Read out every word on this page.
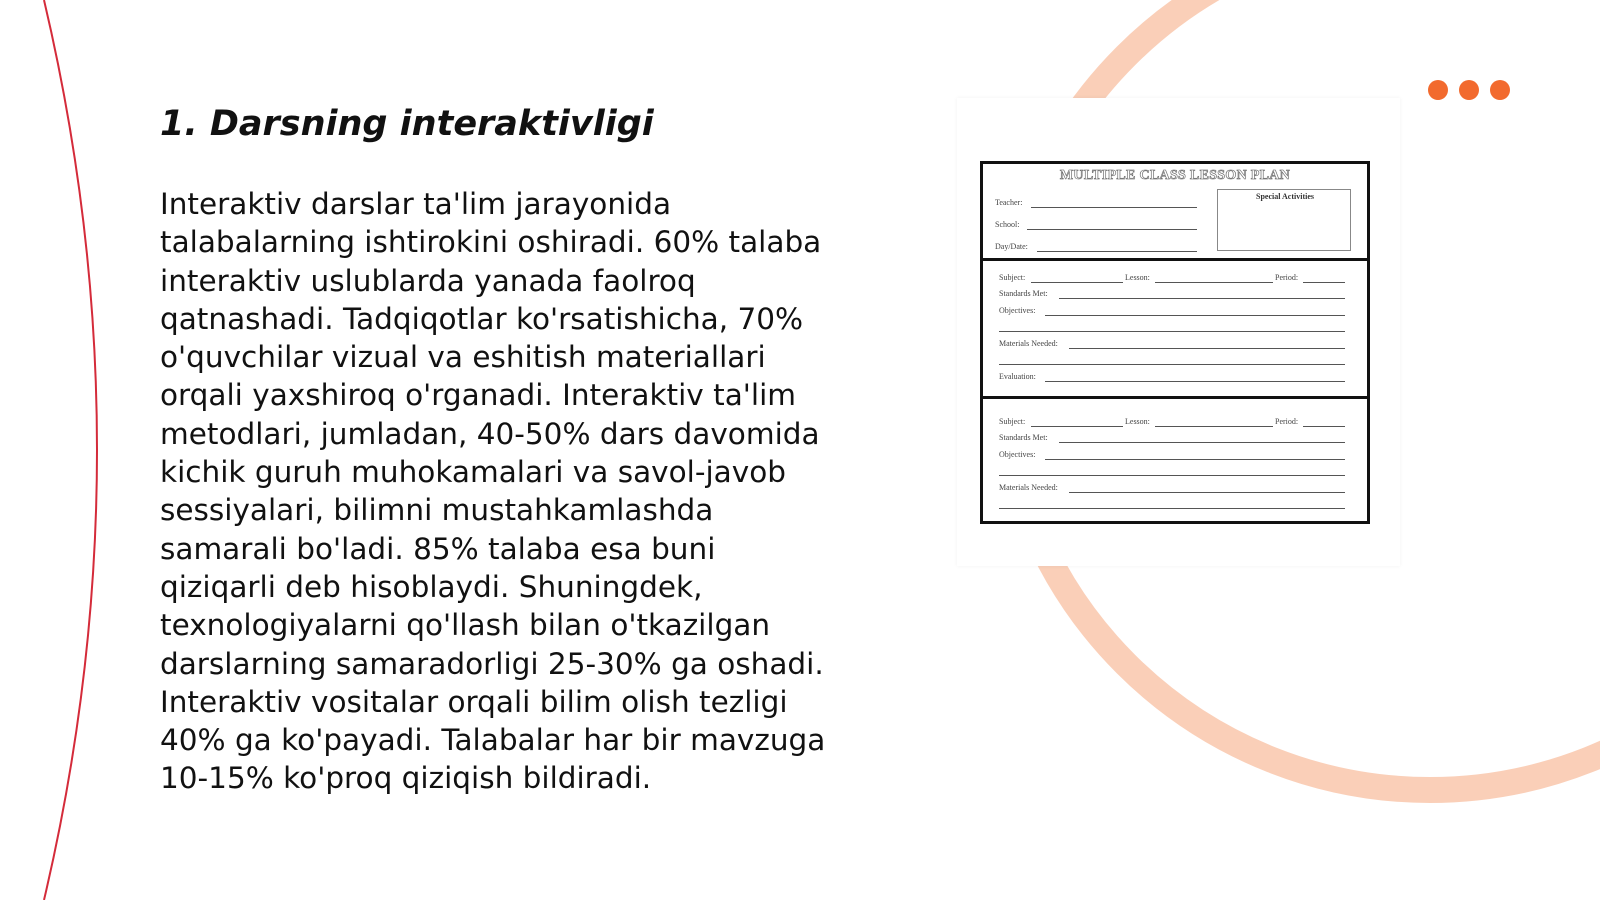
1. Darsning interaktivligi

Interaktiv darslar ta'lim jarayonida talabalarning ishtirokini oshiradi. 60% talaba interaktiv uslublarda yanada faolroq qatnashadi. Tadqiqotlar ko'rsatishicha, 70% o'quvchilar vizual va eshitish materiallari orqali yaxshiroq o'rganadi. Interaktiv ta'lim metodlari, jumladan, 40-50% dars davomida kichik guruh muhokamalari va savol-javob sessiyalari, bilimni mustahkamlashda samarali bo'ladi. 85% talaba esa buni qiziqarli deb hisoblaydi. Shuningdek, texnologiyalarni qo'llash bilan o'tkazilgan darslarning samaradorligi 25-30% ga oshadi. Interaktiv vositalar orqali bilim olish tezligi 40% ga ko'payadi. Talabalar har bir mavzuga 10-15% ko'proq qiziqish bildiradi.

MULTIPLE CLASS LESSON PLAN
Teacher:
School:
Day/Date:
Special Activities
Subject:	Lesson:	Period:
Standards Met:
Objectives:
Materials Needed:
Evaluation:
Subject:	Lesson:	Period:
Standards Met:
Objectives:
Materials Needed:
